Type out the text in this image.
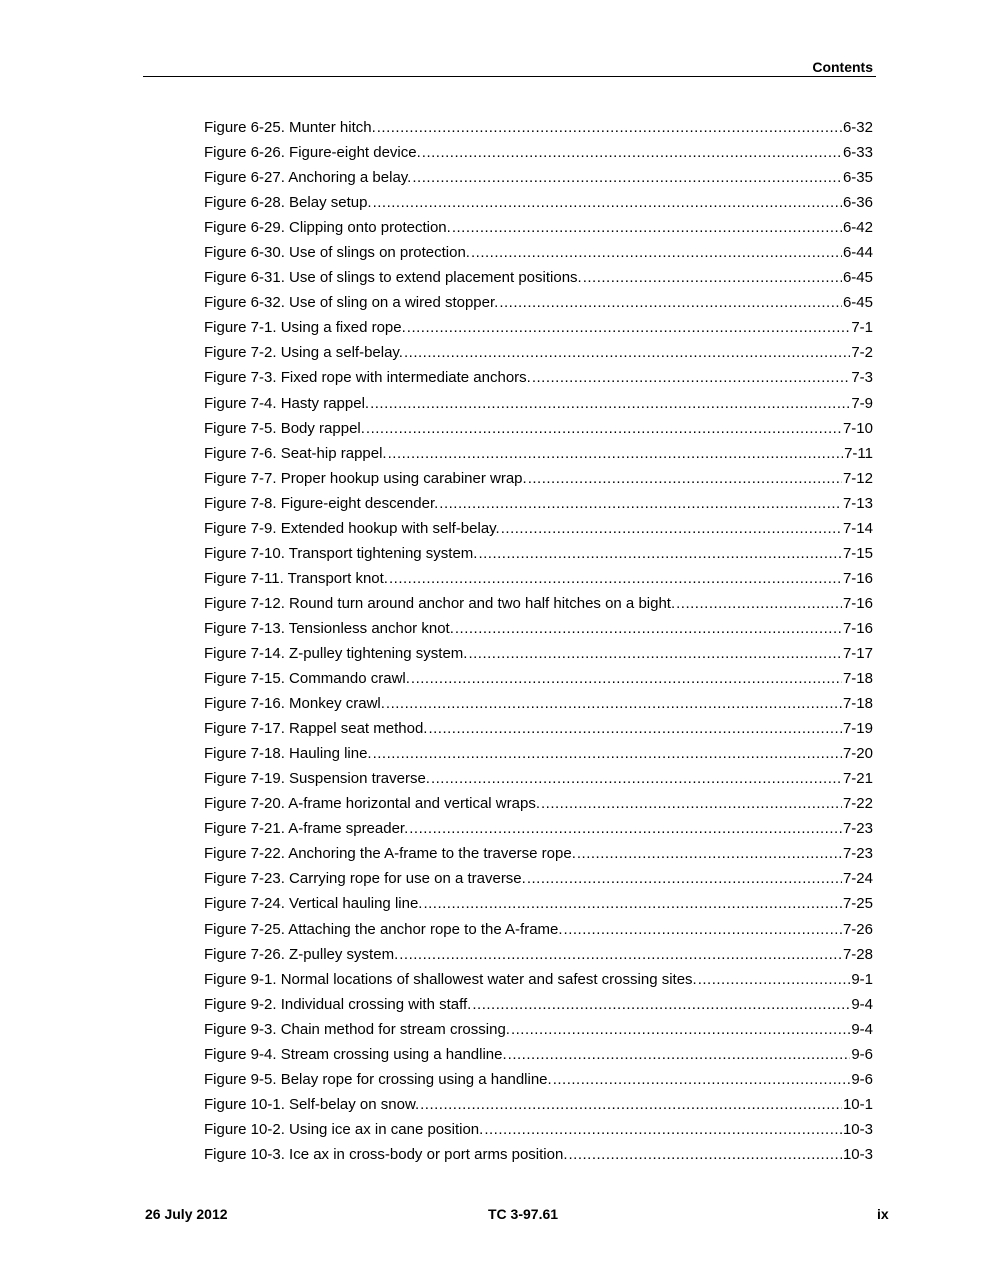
Contents
Figure 6-25. Munter hitch. .....	6-32
Figure 6-26. Figure-eight device. .....	6-33
Figure 6-27. Anchoring a belay. .....	6-35
Figure 6-28. Belay setup. .....	6-36
Figure 6-29. Clipping onto protection. .....	6-42
Figure 6-30. Use of slings on protection. .....	6-44
Figure 6-31. Use of slings to extend placement positions. .....	6-45
Figure 6-32. Use of sling on a wired stopper. .....	6-45
Figure 7-1. Using a fixed rope. .....	7-1
Figure 7-2. Using a self-belay. .....	7-2
Figure 7-3. Fixed rope with intermediate anchors. .....	7-3
Figure 7-4. Hasty rappel. .....	7-9
Figure 7-5. Body rappel. .....	7-10
Figure 7-6. Seat-hip rappel. .....	7-11
Figure 7-7. Proper hookup using carabiner wrap. .....	7-12
Figure 7-8. Figure-eight descender. .....	7-13
Figure 7-9. Extended hookup with self-belay. .....	7-14
Figure 7-10. Transport tightening system. .....	7-15
Figure 7-11. Transport knot. .....	7-16
Figure 7-12. Round turn around anchor and two half hitches on a bight. .....	7-16
Figure 7-13. Tensionless anchor knot. .....	7-16
Figure 7-14. Z-pulley tightening system. .....	7-17
Figure 7-15. Commando crawl. .....	7-18
Figure 7-16. Monkey crawl. .....	7-18
Figure 7-17. Rappel seat method. .....	7-19
Figure 7-18. Hauling line. .....	7-20
Figure 7-19. Suspension traverse. .....	7-21
Figure 7-20. A-frame horizontal and vertical wraps. .....	7-22
Figure 7-21. A-frame spreader. .....	7-23
Figure 7-22. Anchoring the A-frame to the traverse rope. .....	7-23
Figure 7-23. Carrying rope for use on a traverse. .....	7-24
Figure 7-24. Vertical hauling line. .....	7-25
Figure 7-25. Attaching the anchor rope to the A-frame. .....	7-26
Figure 7-26. Z-pulley system. .....	7-28
Figure 9-1. Normal locations of shallowest water and safest crossing sites. .....	9-1
Figure 9-2. Individual crossing with staff. .....	9-4
Figure 9-3. Chain method for stream crossing. .....	9-4
Figure 9-4. Stream crossing using a handline. .....	9-6
Figure 9-5. Belay rope for crossing using a handline. .....	9-6
Figure 10-1. Self-belay on snow. .....	10-1
Figure 10-2. Using ice ax in cane position. .....	10-3
Figure 10-3. Ice ax in cross-body or port arms position. .....	10-3
26 July 2012	TC 3-97.61	ix
